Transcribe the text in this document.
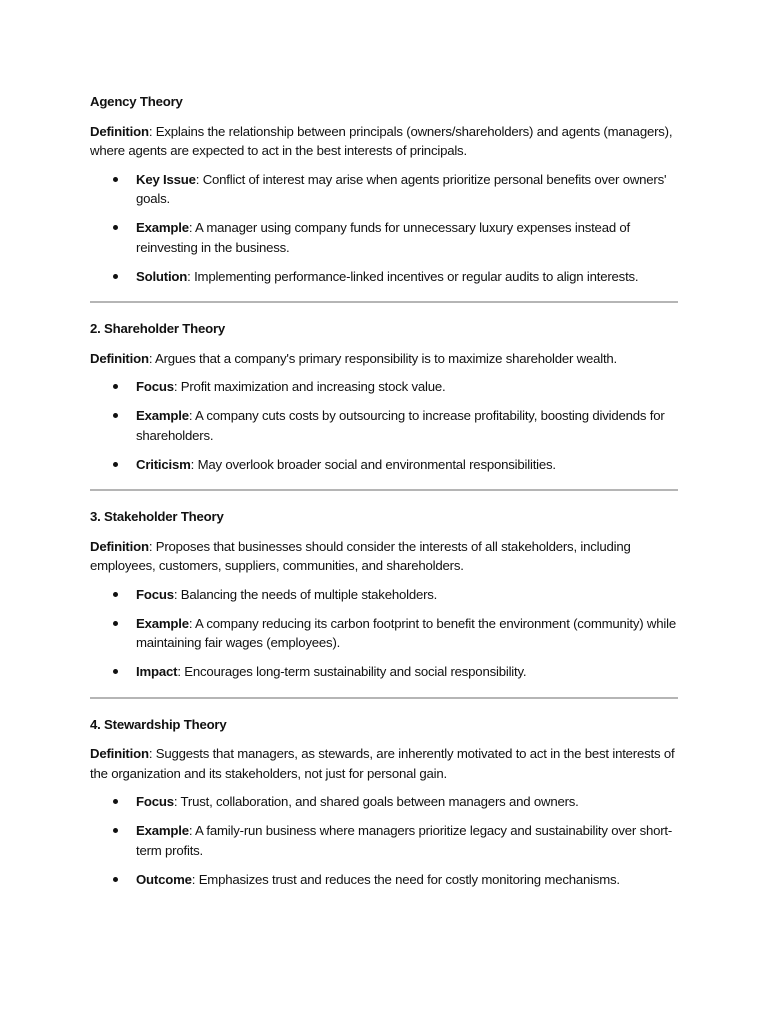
Agency Theory

Definition: Explains the relationship between principals (owners/shareholders) and agents (managers), where agents are expected to act in the best interests of principals.

Key Issue: Conflict of interest may arise when agents prioritize personal benefits over owners' goals.
Example: A manager using company funds for unnecessary luxury expenses instead of reinvesting in the business.
Solution: Implementing performance-linked incentives or regular audits to align interests.
2. Shareholder Theory

Definition: Argues that a company's primary responsibility is to maximize shareholder wealth.

Focus: Profit maximization and increasing stock value.
Example: A company cuts costs by outsourcing to increase profitability, boosting dividends for shareholders.
Criticism: May overlook broader social and environmental responsibilities.
3. Stakeholder Theory

Definition: Proposes that businesses should consider the interests of all stakeholders, including employees, customers, suppliers, communities, and shareholders.

Focus: Balancing the needs of multiple stakeholders.
Example: A company reducing its carbon footprint to benefit the environment (community) while maintaining fair wages (employees).
Impact: Encourages long-term sustainability and social responsibility.
4. Stewardship Theory

Definition: Suggests that managers, as stewards, are inherently motivated to act in the best interests of the organization and its stakeholders, not just for personal gain.

Focus: Trust, collaboration, and shared goals between managers and owners.
Example: A family-run business where managers prioritize legacy and sustainability over short-term profits.
Outcome: Emphasizes trust and reduces the need for costly monitoring mechanisms.
